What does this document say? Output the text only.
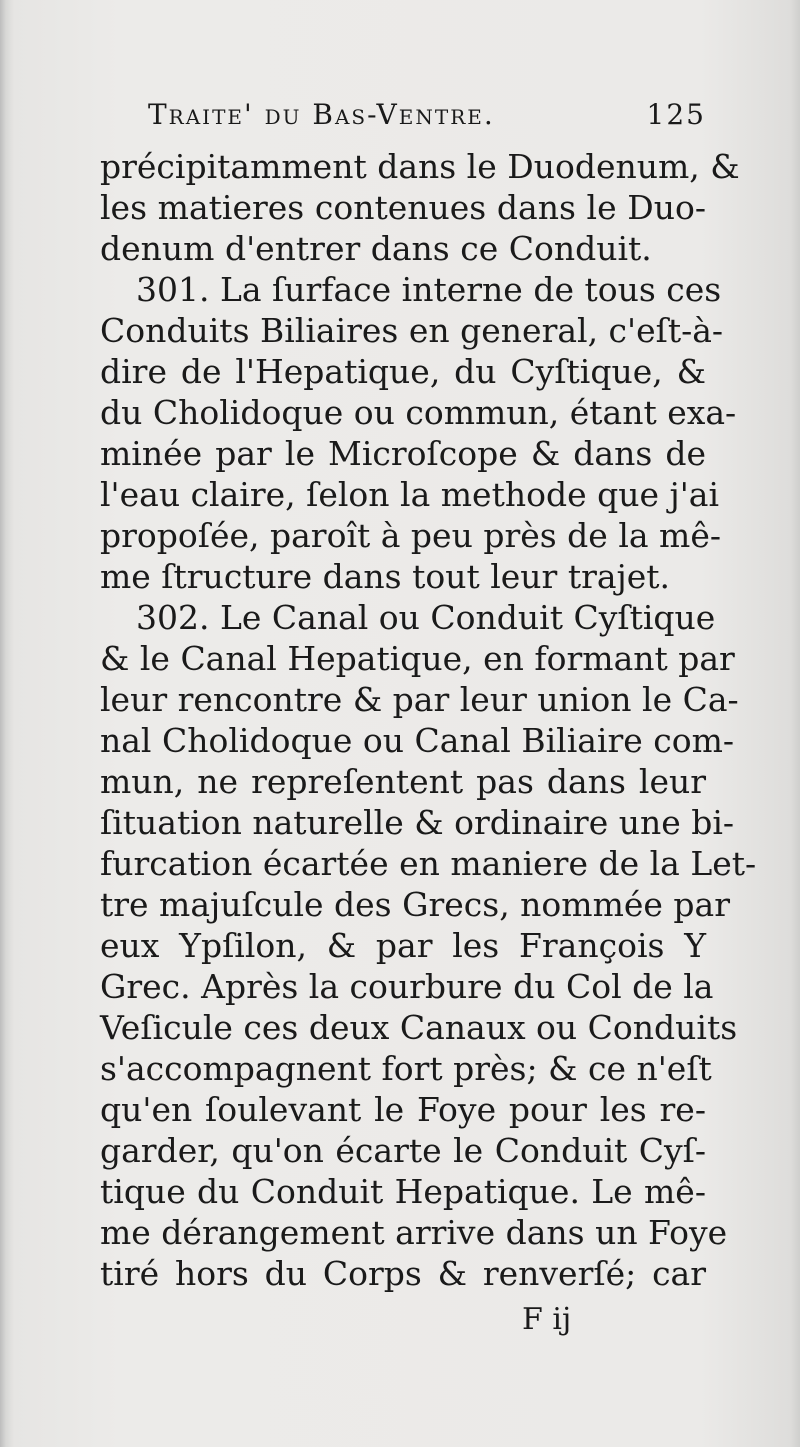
Traite' du Bas-Ventre.	125
précipitamment dans le Duodenum, &
les matieres contenues dans le Duo-
denum d'entrer dans ce Conduit.
301. La ſurface interne de tous ces
Conduits Biliaires en general, c'eſt-à-
dire de l'Hepatique, du Cyſtique, &
du Cholidoque ou commun, étant exa-
minée par le Microſcope & dans de
l'eau claire, ſelon la methode que j'ai
propoſée, paroît à peu près de la mê-
me ſtructure dans tout leur trajet.
302. Le Canal ou Conduit Cyſtique
& le Canal Hepatique, en formant par
leur rencontre & par leur union le Ca-
nal Cholidoque ou Canal Biliaire com-
mun, ne repreſentent pas dans leur
ſituation naturelle & ordinaire une bi-
furcation écartée en maniere de la Let-
tre majuſcule des Grecs, nommée par
eux Ypſilon, & par les François Y
Grec. Après la courbure du Col de la
Veſicule ces deux Canaux ou Conduits
s'accompagnent fort près; & ce n'eſt
qu'en ſoulevant le Foye pour les re-
garder, qu'on écarte le Conduit Cyſ-
tique du Conduit Hepatique. Le mê-
me dérangement arrive dans un Foye
tiré hors du Corps & renverſé; car
F ij
